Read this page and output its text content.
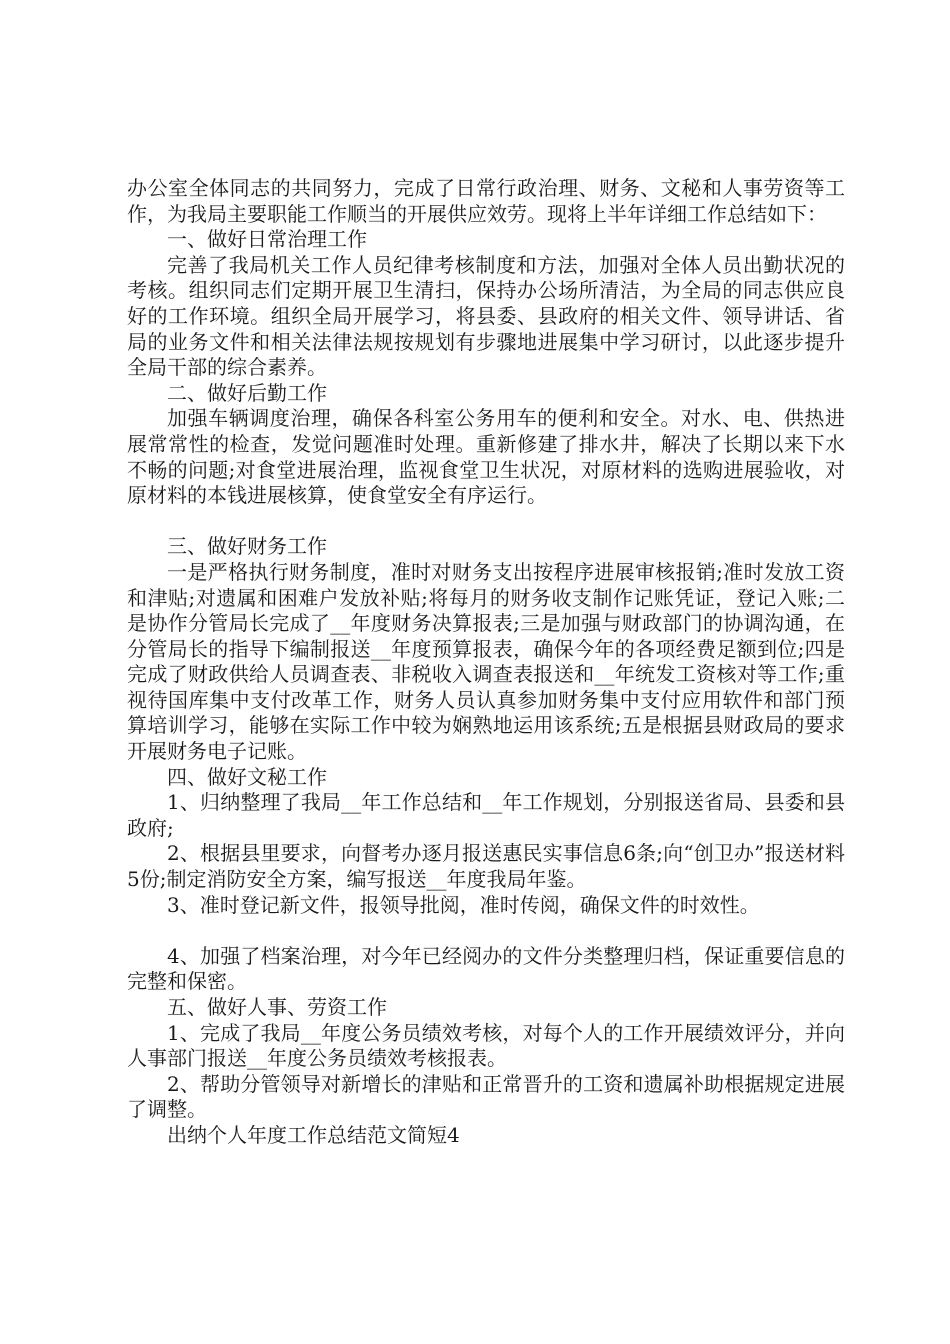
办公室全体同志的共同努力，完成了日常行政治理、财务、文秘和人事劳资等工作，为我局主要职能工作顺当的开展供应效劳。现将上半年详细工作总结如下：

一、做好日常治理工作

完善了我局机关工作人员纪律考核制度和方法，加强对全体人员出勤状况的考核。组织同志们定期开展卫生清扫，保持办公场所清洁，为全局的同志供应良好的工作环境。组织全局开展学习，将县委、县政府的相关文件、领导讲话、省局的业务文件和相关法律法规按规划有步骤地进展集中学习研讨，以此逐步提升全局干部的综合素养。

二、做好后勤工作

加强车辆调度治理，确保各科室公务用车的便利和安全。对水、电、供热进展常常性的检查，发觉问题准时处理。重新修建了排水井，解决了长期以来下水不畅的问题;对食堂进展治理，监视食堂卫生状况，对原材料的选购进展验收，对原材料的本钱进展核算，使食堂安全有序运行。

三、做好财务工作

一是严格执行财务制度，准时对财务支出按程序进展审核报销;准时发放工资和津贴;对遗属和困难户发放补贴;将每月的财务收支制作记账凭证，登记入账;二是协作分管局长完成了__年度财务决算报表;三是加强与财政部门的协调沟通，在分管局长的指导下编制报送__年度预算报表，确保今年的各项经费足额到位;四是完成了财政供给人员调查表、非税收入调查表报送和__年统发工资核对等工作;重视待国库集中支付改革工作，财务人员认真参加财务集中支付应用软件和部门预算培训学习，能够在实际工作中较为娴熟地运用该系统;五是根据县财政局的要求开展财务电子记账。

四、做好文秘工作

1、归纳整理了我局__年工作总结和__年工作规划，分别报送省局、县委和县政府;

2、根据县里要求，向督考办逐月报送惠民实事信息6条;向“创卫办”报送材料5份;制定消防安全方案，编写报送__年度我局年鉴。

3、准时登记新文件，报领导批阅，准时传阅，确保文件的时效性。

4、加强了档案治理，对今年已经阅办的文件分类整理归档，保证重要信息的完整和保密。

五、做好人事、劳资工作

1、完成了我局__年度公务员绩效考核，对每个人的工作开展绩效评分，并向人事部门报送__年度公务员绩效考核报表。

2、帮助分管领导对新增长的津贴和正常晋升的工资和遗属补助根据规定进展了调整。

出纳个人年度工作总结范文简短4
